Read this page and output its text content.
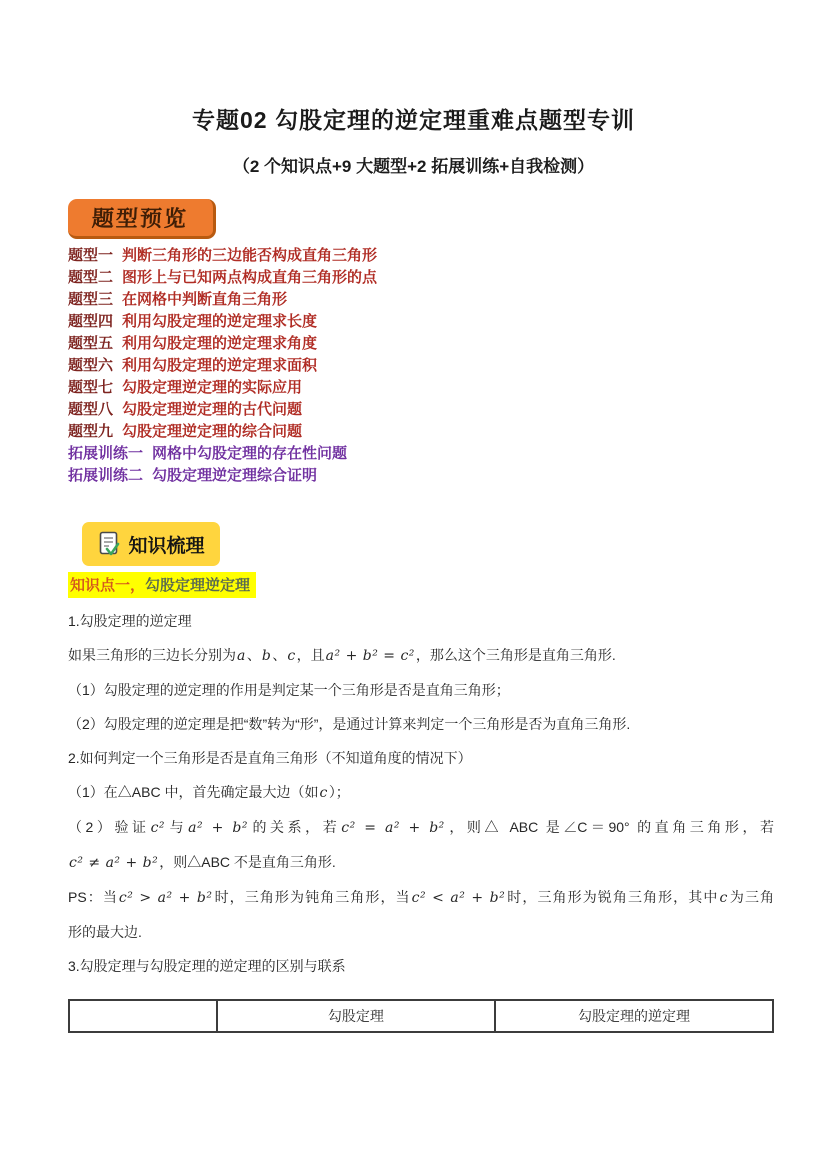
专题02 勾股定理的逆定理重难点题型专训
（2 个知识点+9 大题型+2 拓展训练+自我检测）
题型预览
题型一 判断三角形的三边能否构成直角三角形
题型二 图形上与已知两点构成直角三角形的点
题型三 在网格中判断直角三角形
题型四 利用勾股定理的逆定理求长度
题型五 利用勾股定理的逆定理求角度
题型六 利用勾股定理的逆定理求面积
题型七 勾股定理逆定理的实际应用
题型八 勾股定理逆定理的古代问题
题型九 勾股定理逆定理的综合问题
拓展训练一 网格中勾股定理的存在性问题
拓展训练二 勾股定理逆定理综合证明
知识梳理
知识点一，勾股定理逆定理
1.勾股定理的逆定理
如果三角形的三边长分别为a、b、c，且a² + b² = c²，那么这个三角形是直角三角形.
（1）勾股定理的逆定理的作用是判定某一个三角形是否是直角三角形；
（2）勾股定理的逆定理是把“数”转为“形”，是通过计算来判定一个三角形是否为直角三角形.
2.如何判定一个三角形是否是直角三角形（不知道角度的情况下）
（1）在△ABC 中，首先确定最大边（如c）；
（2）验证c²与a² + b²的关系，若c² = a² + b²，则△ ABC 是∠C＝90° 的直角三角形，若
c² ≠ a² + b²，则△ABC 不是直角三角形.
PS：当c² > a² + b²时，三角形为钝角三角形，当c² < a² + b²时，三角形为锐角三角形，其中c为三角
形的最大边.
3.勾股定理与勾股定理的逆定理的区别与联系
	勾股定理	勾股定理的逆定理
